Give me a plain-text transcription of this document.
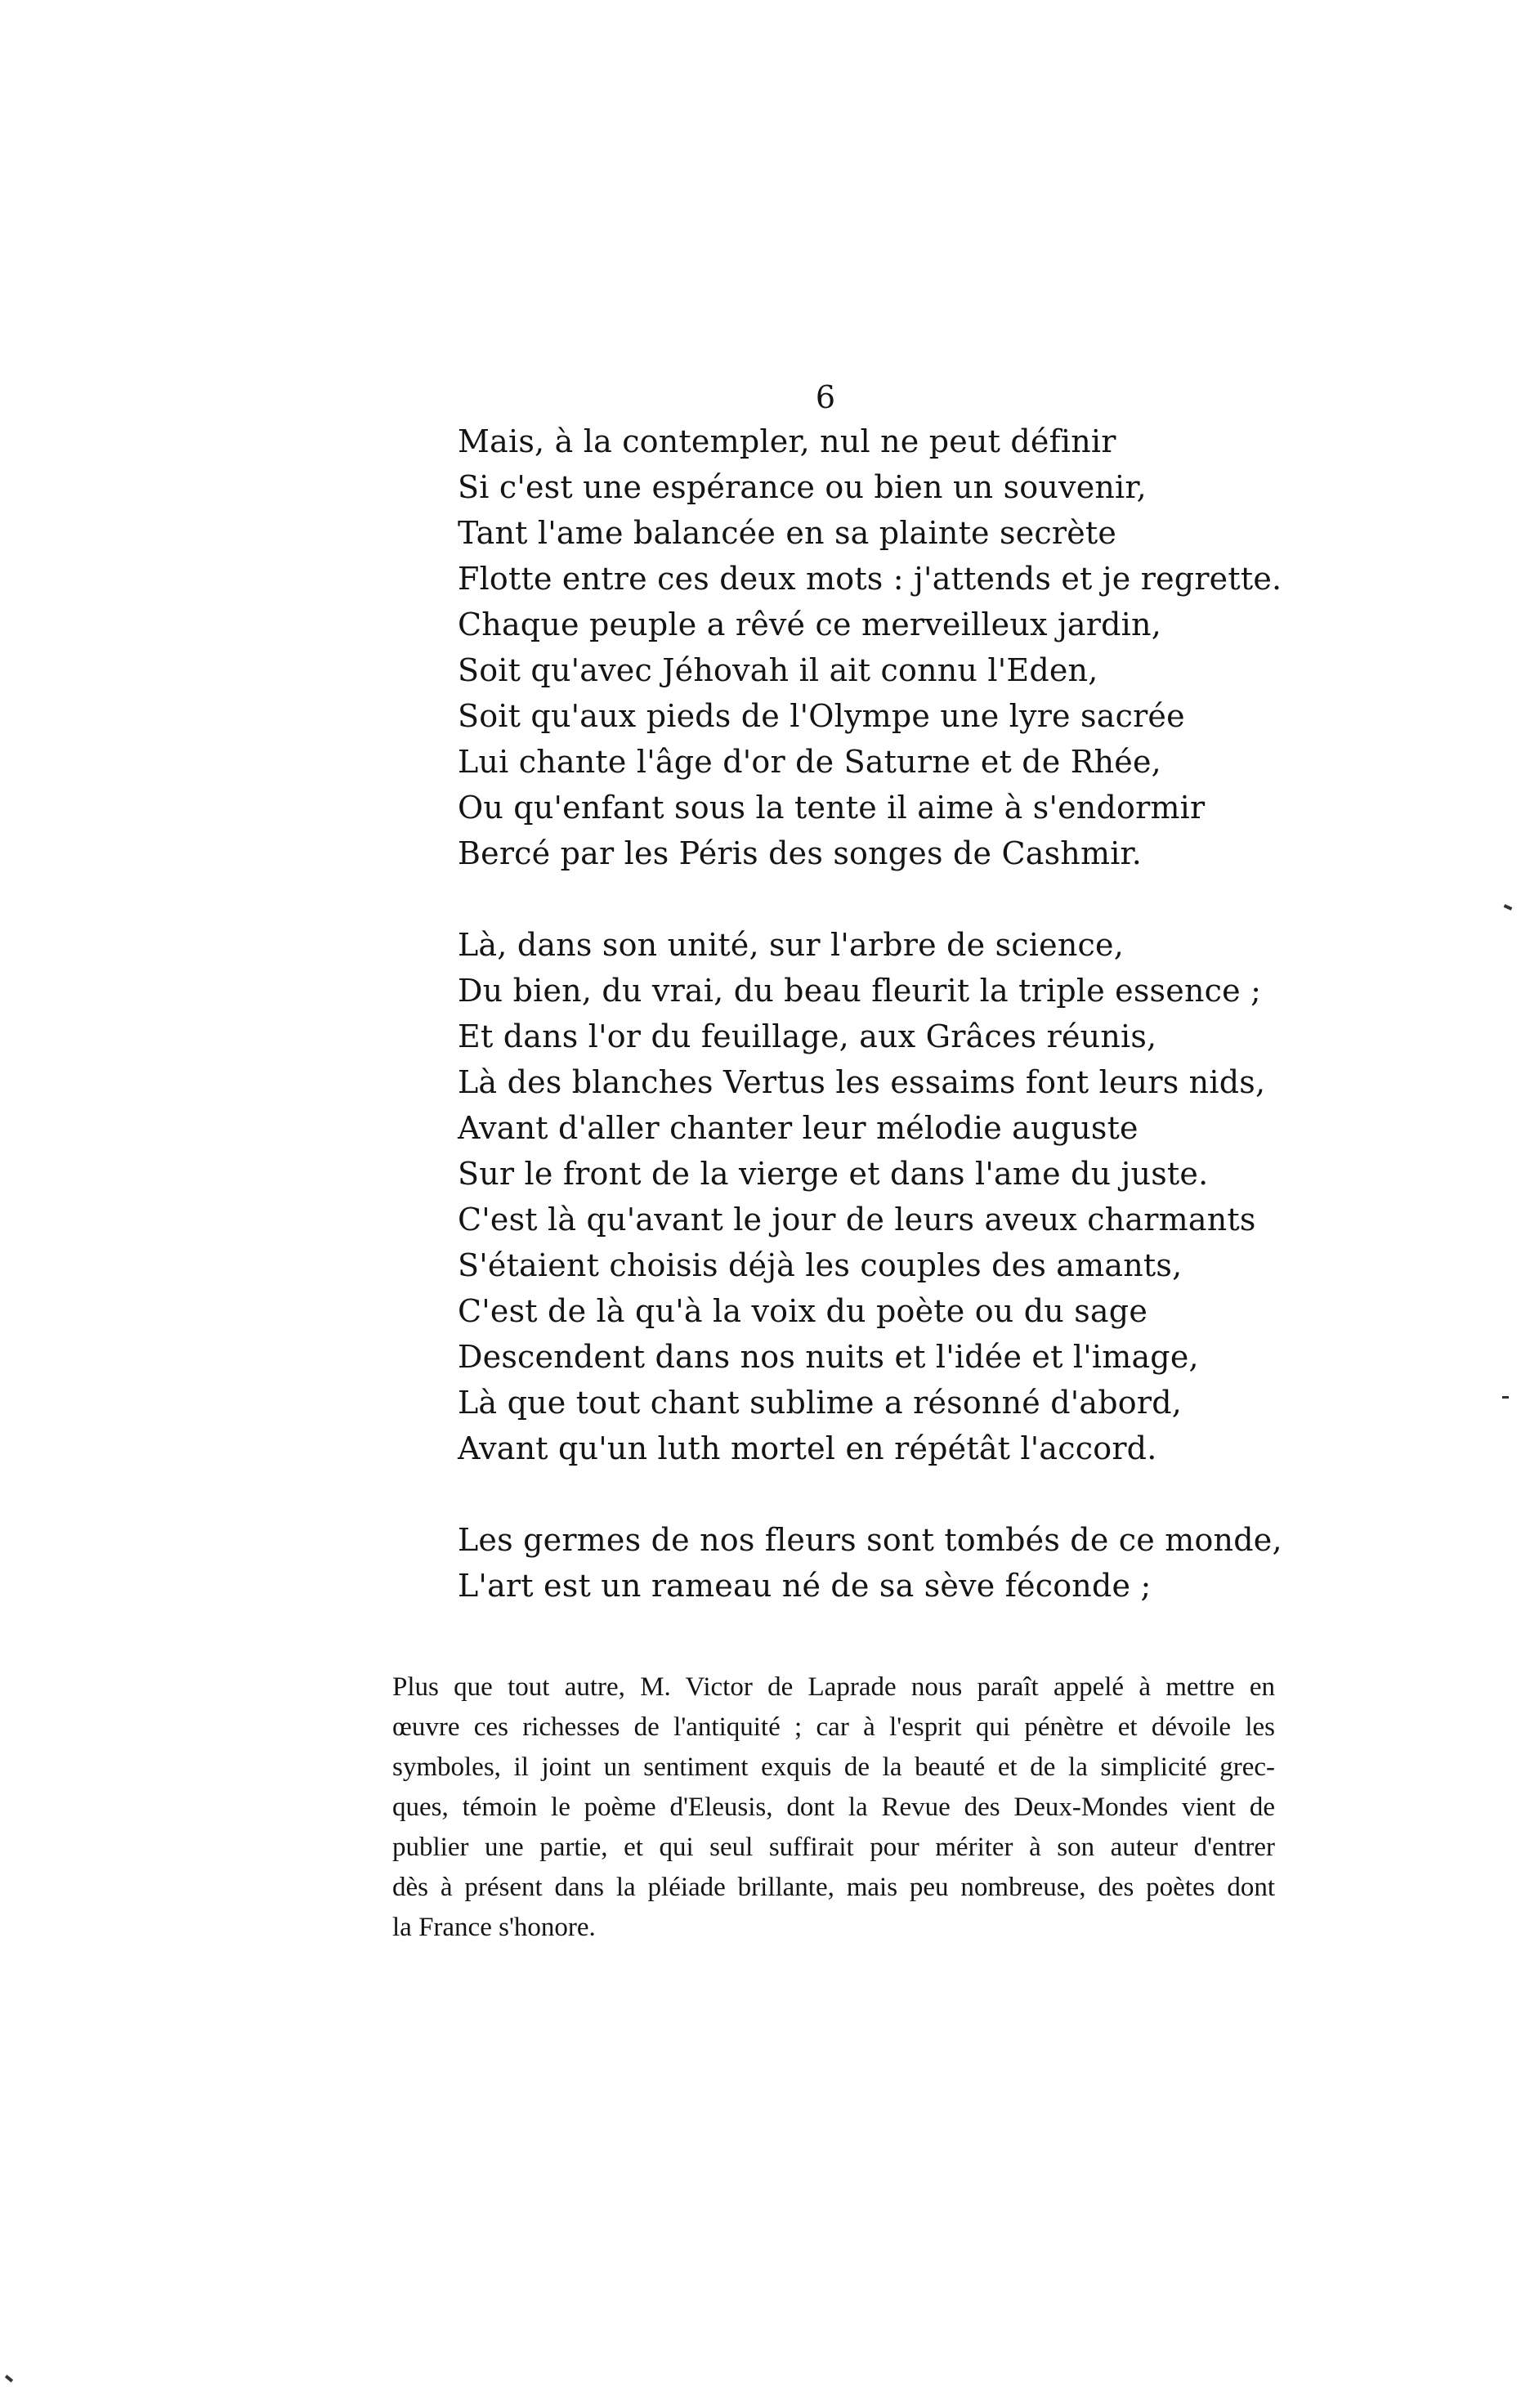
6
Mais, à la contempler, nul ne peut définir
Si c'est une espérance ou bien un souvenir,
Tant l'ame balancée en sa plainte secrète
Flotte entre ces deux mots : j'attends et je regrette.
Chaque peuple a rêvé ce merveilleux jardin,
Soit qu'avec Jéhovah il ait connu l'Eden,
Soit qu'aux pieds de l'Olympe une lyre sacrée
Lui chante l'âge d'or de Saturne et de Rhée,
Ou qu'enfant sous la tente il aime à s'endormir
Bercé par les Péris des songes de Cashmir.
Là, dans son unité, sur l'arbre de science,
Du bien, du vrai, du beau fleurit la triple essence ;
Et dans l'or du feuillage, aux Grâces réunis,
Là des blanches Vertus les essaims font leurs nids,
Avant d'aller chanter leur mélodie auguste
Sur le front de la vierge et dans l'ame du juste.
C'est là qu'avant le jour de leurs aveux charmants
S'étaient choisis déjà les couples des amants,
C'est de là qu'à la voix du poète ou du sage
Descendent dans nos nuits et l'idée et l'image,
Là que tout chant sublime a résonné d'abord,
Avant qu'un luth mortel en répétât l'accord.
Les germes de nos fleurs sont tombés de ce monde,
L'art est un rameau né de sa sève féconde ;
Plus que tout autre, M. Victor de Laprade nous paraît appelé à mettre en
œuvre ces richesses de l'antiquité ; car à l'esprit qui pénètre et dévoile les
symboles, il joint un sentiment exquis de la beauté et de la simplicité grec-
ques, témoin le poème d'Eleusis, dont la Revue des Deux-Mondes vient de
publier une partie, et qui seul suffirait pour mériter à son auteur d'entrer
dès à présent dans la pléiade brillante, mais peu nombreuse, des poètes dont
la France s'honore.
